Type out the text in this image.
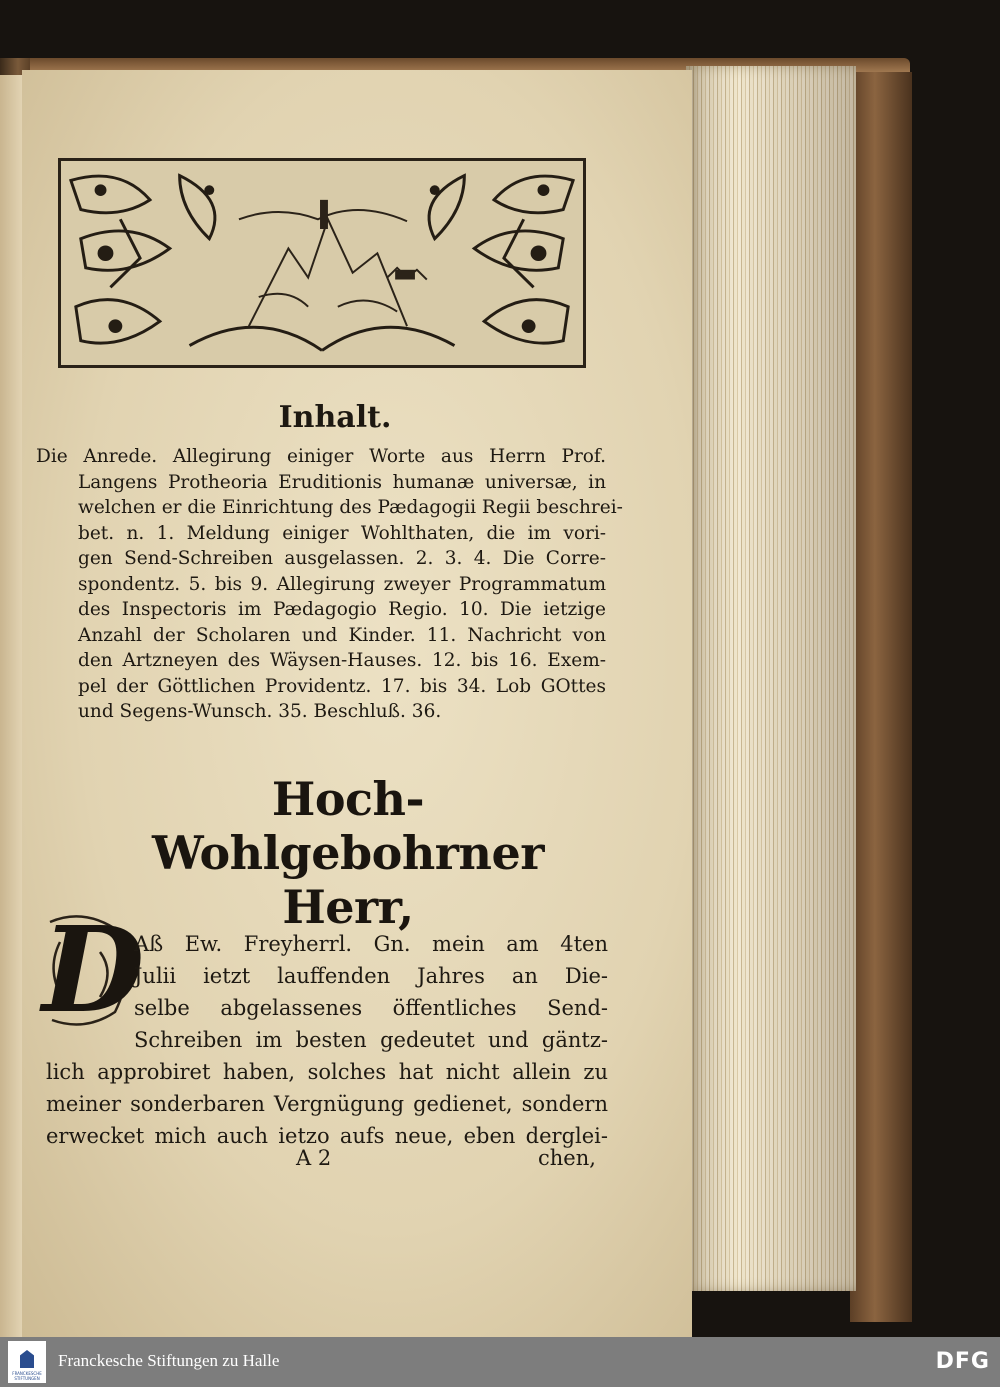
Inhalt.
Die Anrede. Allegirung einiger Worte aus Herrn Prof.
Langens Protheoria Eruditionis humanæ universæ, in
welchen er die Einrichtung des Pædagogii Regii beschrei-
bet. n. 1. Meldung einiger Wohlthaten, die im vori-
gen Send-Schreiben ausgelassen. 2. 3. 4. Die Corre-
spondentz. 5. bis 9. Allegirung zweyer Programmatum
des Inspectoris im Pædagogio Regio. 10. Die ietzige
Anzahl der Scholaren und Kinder. 11. Nachricht von
den Artzneyen des Wäysen-Hauses. 12. bis 16. Exem-
pel der Göttlichen Providentz. 17. bis 34. Lob GOttes
und Segens-Wunsch. 35. Beschluß. 36.
Hoch-Wohlgebohrner Herr,
D
Aß Ew. Freyherrl. Gn. mein am 4ten
Julii ietzt lauffenden Jahres an Die-
selbe abgelassenes öffentliches Send-
Schreiben im besten gedeutet und gäntz-
lich approbiret haben, solches hat nicht allein zu
meiner sonderbaren Vergnügung gedienet, sondern
erwecket mich auch ietzo aufs neue, eben derglei-
A 2	chen,
FRANCKESCHE STIFTUNGEN
Franckesche Stiftungen zu Halle	DFG
